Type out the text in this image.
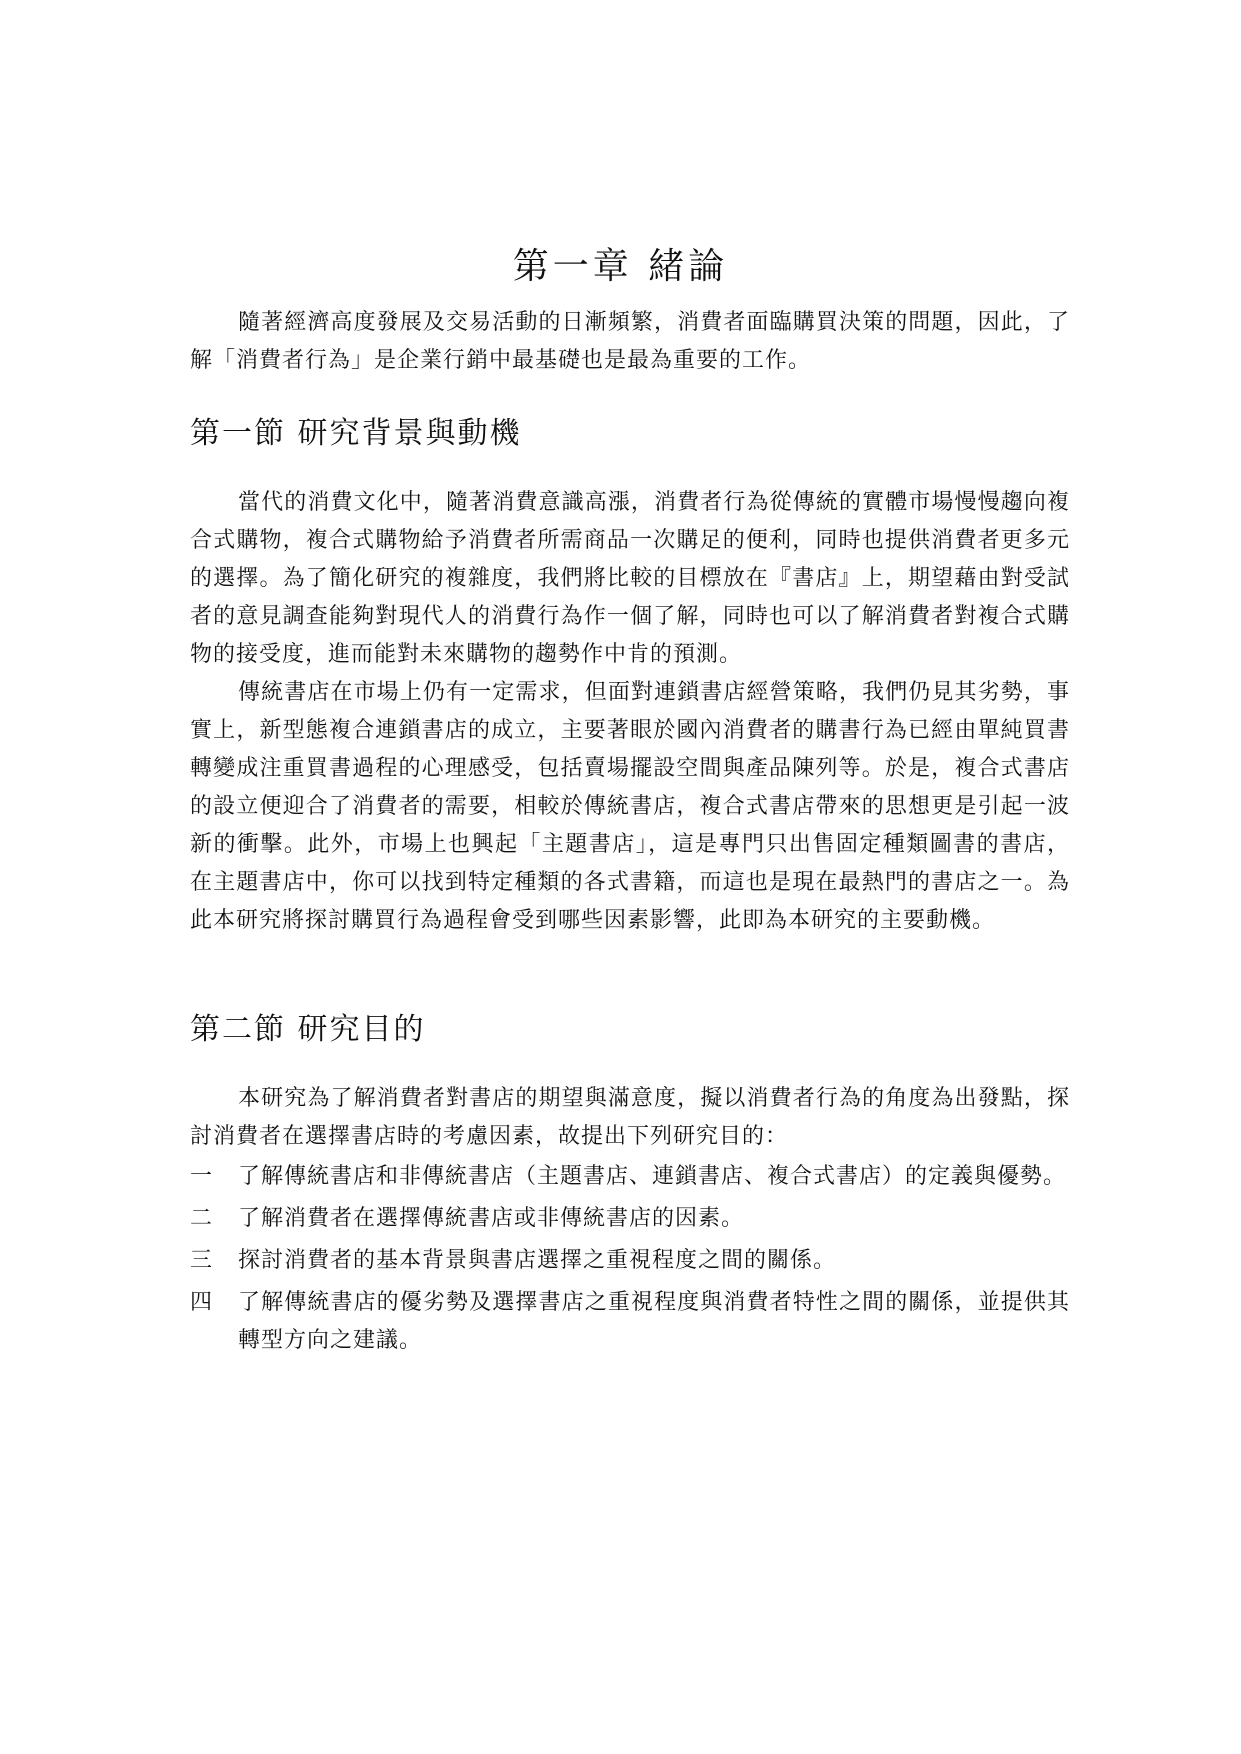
第一章 緒論

隨著經濟高度發展及交易活動的日漸頻繁，消費者面臨購買決策的問題，因此，了解「消費者行為」是企業行銷中最基礎也是最為重要的工作。

第一節 研究背景與動機

當代的消費文化中，隨著消費意識高漲，消費者行為從傳統的實體市場慢慢趨向複合式購物，複合式購物給予消費者所需商品一次購足的便利，同時也提供消費者更多元的選擇。為了簡化研究的複雜度，我們將比較的目標放在『書店』上，期望藉由對受試者的意見調查能夠對現代人的消費行為作一個了解，同時也可以了解消費者對複合式購物的接受度，進而能對未來購物的趨勢作中肯的預測。

傳統書店在市場上仍有一定需求，但面對連鎖書店經營策略，我們仍見其劣勢，事實上，新型態複合連鎖書店的成立，主要著眼於國內消費者的購書行為已經由單純買書轉變成注重買書過程的心理感受，包括賣場擺設空間與產品陳列等。於是，複合式書店的設立便迎合了消費者的需要，相較於傳統書店，複合式書店帶來的思想更是引起一波新的衝擊。此外，市場上也興起「主題書店」，這是專門只出售固定種類圖書的書店，在主題書店中，你可以找到特定種類的各式書籍，而這也是現在最熱門的書店之一。為此本研究將探討購買行為過程會受到哪些因素影響，此即為本研究的主要動機。

第二節 研究目的

本研究為了解消費者對書店的期望與滿意度，擬以消費者行為的角度為出發點，探討消費者在選擇書店時的考慮因素，故提出下列研究目的：

一	了解傳統書店和非傳統書店（主題書店、連鎖書店、複合式書店）的定義與優勢。
二	了解消費者在選擇傳統書店或非傳統書店的因素。
三	探討消費者的基本背景與書店選擇之重視程度之間的關係。
四	了解傳統書店的優劣勢及選擇書店之重視程度與消費者特性之間的關係，並提供其轉型方向之建議。
